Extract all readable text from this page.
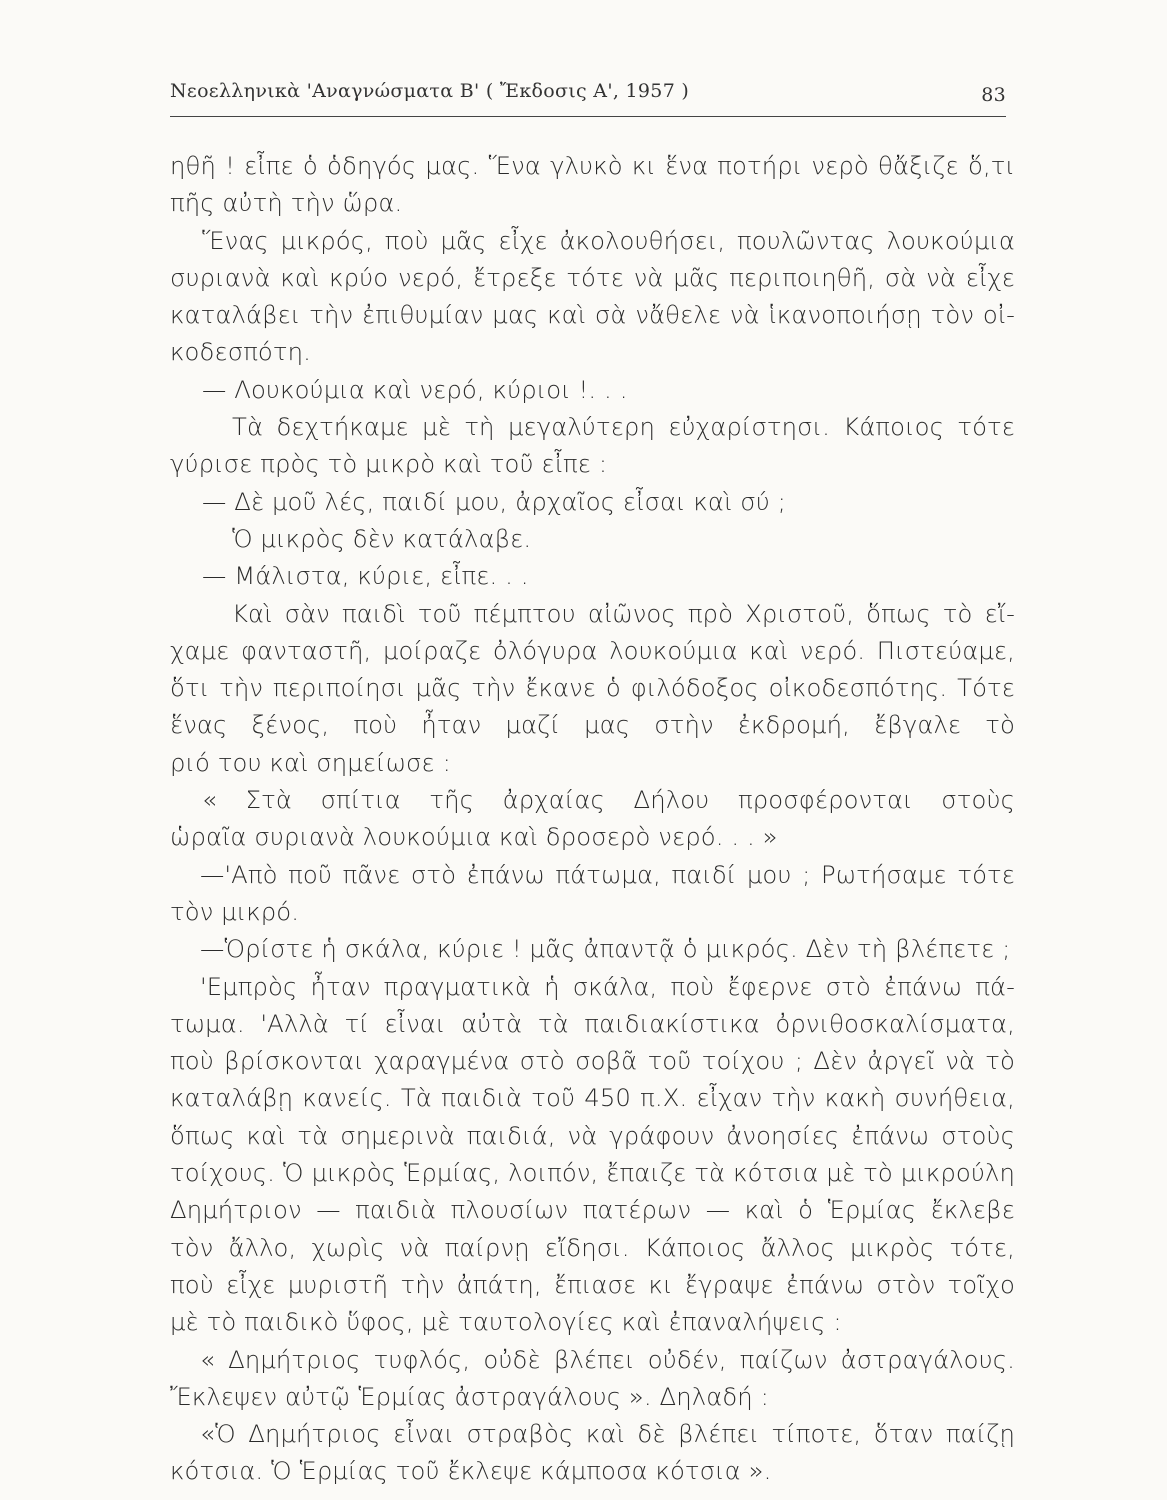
Νεοελληνικὰ 'Αναγνώσματα Β' ( Ἔκδοσις Α', 1957 )	83
ηθῆ ! εἶπε ὁ ὁδηγός μας. Ἕνα γλυκὸ κι ἕνα ποτήρι νερὸ θἄξιζε ὅ,τι
πῆς αὐτὴ τὴν ὥρα.
Ἕνας μικρός, ποὺ μᾶς εἶχε ἀκολουθήσει, πουλῶντας λουκούμια
συριανὰ καὶ κρύο νερό, ἔτρεξε τότε νὰ μᾶς περιποιηθῆ, σὰ νὰ εἶχε
καταλάβει τὴν ἐπιθυμίαν μας καὶ σὰ νἄθελε νὰ ἱκανοποιήσῃ τὸν οἰ-
κοδεσπότη.
— Λουκούμια καὶ νερό, κύριοι !. . .
Τὰ δεχτήκαμε μὲ τὴ μεγαλύτερη εὐχαρίστησι. Κάποιος τότε
γύρισε πρὸς τὸ μικρὸ καὶ τοῦ εἶπε :
— Δὲ μοῦ λές, παιδί μου, ἀρχαῖος εἶσαι καὶ σύ ;
Ὁ μικρὸς δὲν κατάλαβε.
— Μάλιστα, κύριε, εἶπε. . .
Καὶ σὰν παιδὶ τοῦ πέμπτου αἰῶνος πρὸ Χριστοῦ, ὅπως τὸ εἴ-
χαμε φανταστῆ, μοίραζε ὀλόγυρα λουκούμια καὶ νερό. Πιστεύαμε,
ὅτι τὴν περιποίησι μᾶς τὴν ἔκανε ὁ φιλόδοξος οἰκοδεσπότης. Τότε
ἕνας ξένος, ποὺ ἦταν μαζί μας στὴν ἐκδρομή, ἔβγαλε τὸ
ριό του καὶ σημείωσε :
« Στὰ σπίτια τῆς ἀρχαίας Δήλου προσφέρονται στοὺς
ὡραῖα συριανὰ λουκούμια καὶ δροσερὸ νερό. . . »
—'Απὸ ποῦ πᾶνε στὸ ἐπάνω πάτωμα, παιδί μου ; Ρωτήσαμε τότε
τὸν μικρό.
—Ὁρίστε ἡ σκάλα, κύριε ! μᾶς ἀπαντᾷ ὁ μικρός. Δὲν τὴ βλέπετε ;
'Εμπρὸς ἦταν πραγματικὰ ἡ σκάλα, ποὺ ἔφερνε στὸ ἐπάνω πά-
τωμα. 'Αλλὰ τί εἶναι αὐτὰ τὰ παιδιακίστικα ὀρνιθοσκαλίσματα,
ποὺ βρίσκονται χαραγμένα στὸ σοβᾶ τοῦ τοίχου ; Δὲν ἀργεῖ νὰ τὸ
καταλάβῃ κανείς. Τὰ παιδιὰ τοῦ 450 π.Χ. εἶχαν τὴν κακὴ συνήθεια,
ὅπως καὶ τὰ σημερινὰ παιδιά, νὰ γράφουν ἀνοησίες ἐπάνω στοὺς
τοίχους. Ὁ μικρὸς Ἑρμίας, λοιπόν, ἔπαιζε τὰ κότσια μὲ τὸ μικρούλη
Δημήτριον — παιδιὰ πλουσίων πατέρων — καὶ ὁ Ἑρμίας ἔκλεβε
τὸν ἄλλο, χωρὶς νὰ παίρνῃ εἴδησι. Κάποιος ἄλλος μικρὸς τότε,
ποὺ εἶχε μυριστῆ τὴν ἀπάτη, ἔπιασε κι ἔγραψε ἐπάνω στὸν τοῖχο
μὲ τὸ παιδικὸ ὕφος, μὲ ταυτολογίες καὶ ἐπαναλήψεις :
« Δημήτριος τυφλός, οὐδὲ βλέπει οὐδέν, παίζων ἀστραγάλους.
Ἔκλεψεν αὐτῷ Ἑρμίας ἀστραγάλους ». Δηλαδή :
«Ὁ Δημήτριος εἶναι στραβὸς καὶ δὲ βλέπει τίποτε, ὅταν παίζῃ
κότσια. Ὁ Ἑρμίας τοῦ ἔκλεψε κάμποσα κότσια ».
